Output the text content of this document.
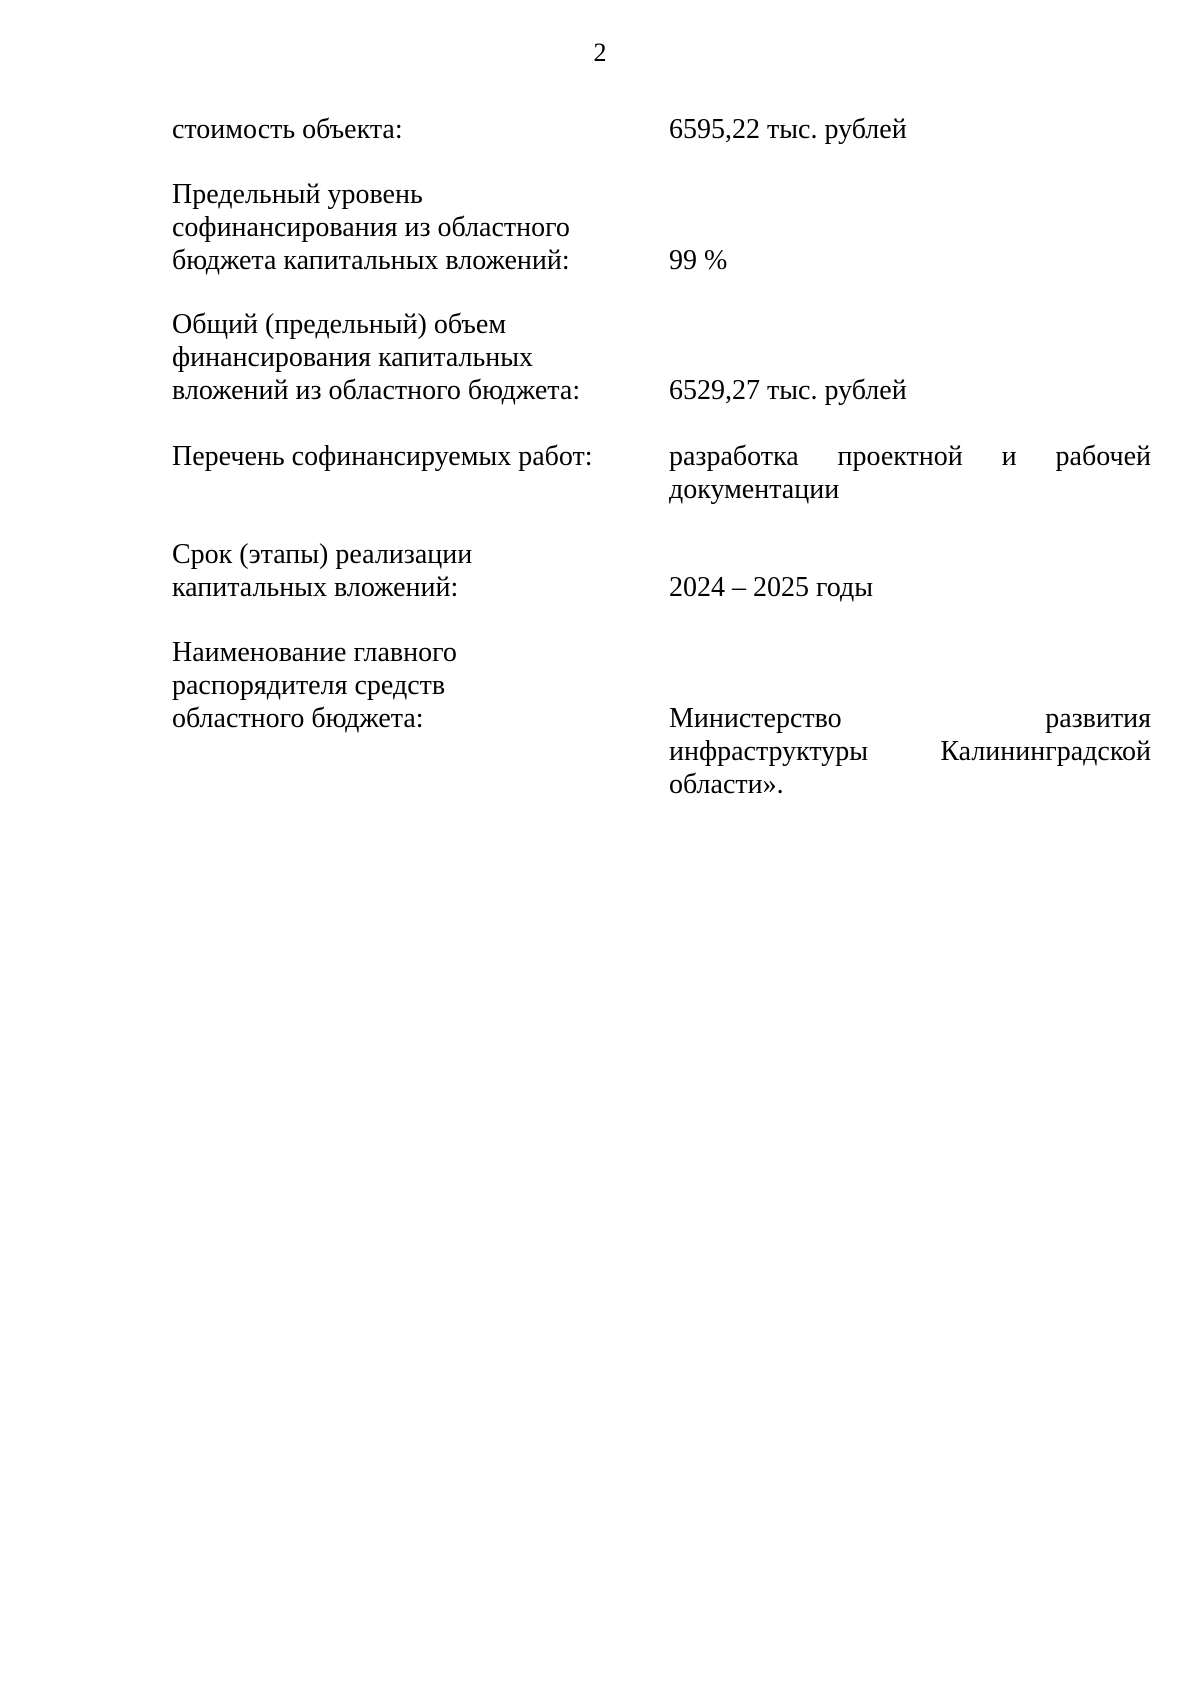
2
стоимость объекта:	6595,22 тыс. рублей
Предельный уровень
софинансирования из областного
бюджета капитальных вложений:	99 %
Общий (предельный) объем
финансирования капитальных
вложений из областного бюджета:	6529,27 тыс. рублей
Перечень софинансируемых работ:	разработка проектной и рабочей
документации
Срок (этапы) реализации
капитальных вложений:	2024 – 2025 годы
Наименование главного
распорядителя средств
областного бюджета:	Министерство развития
инфраструктуры Калининградской
области».
